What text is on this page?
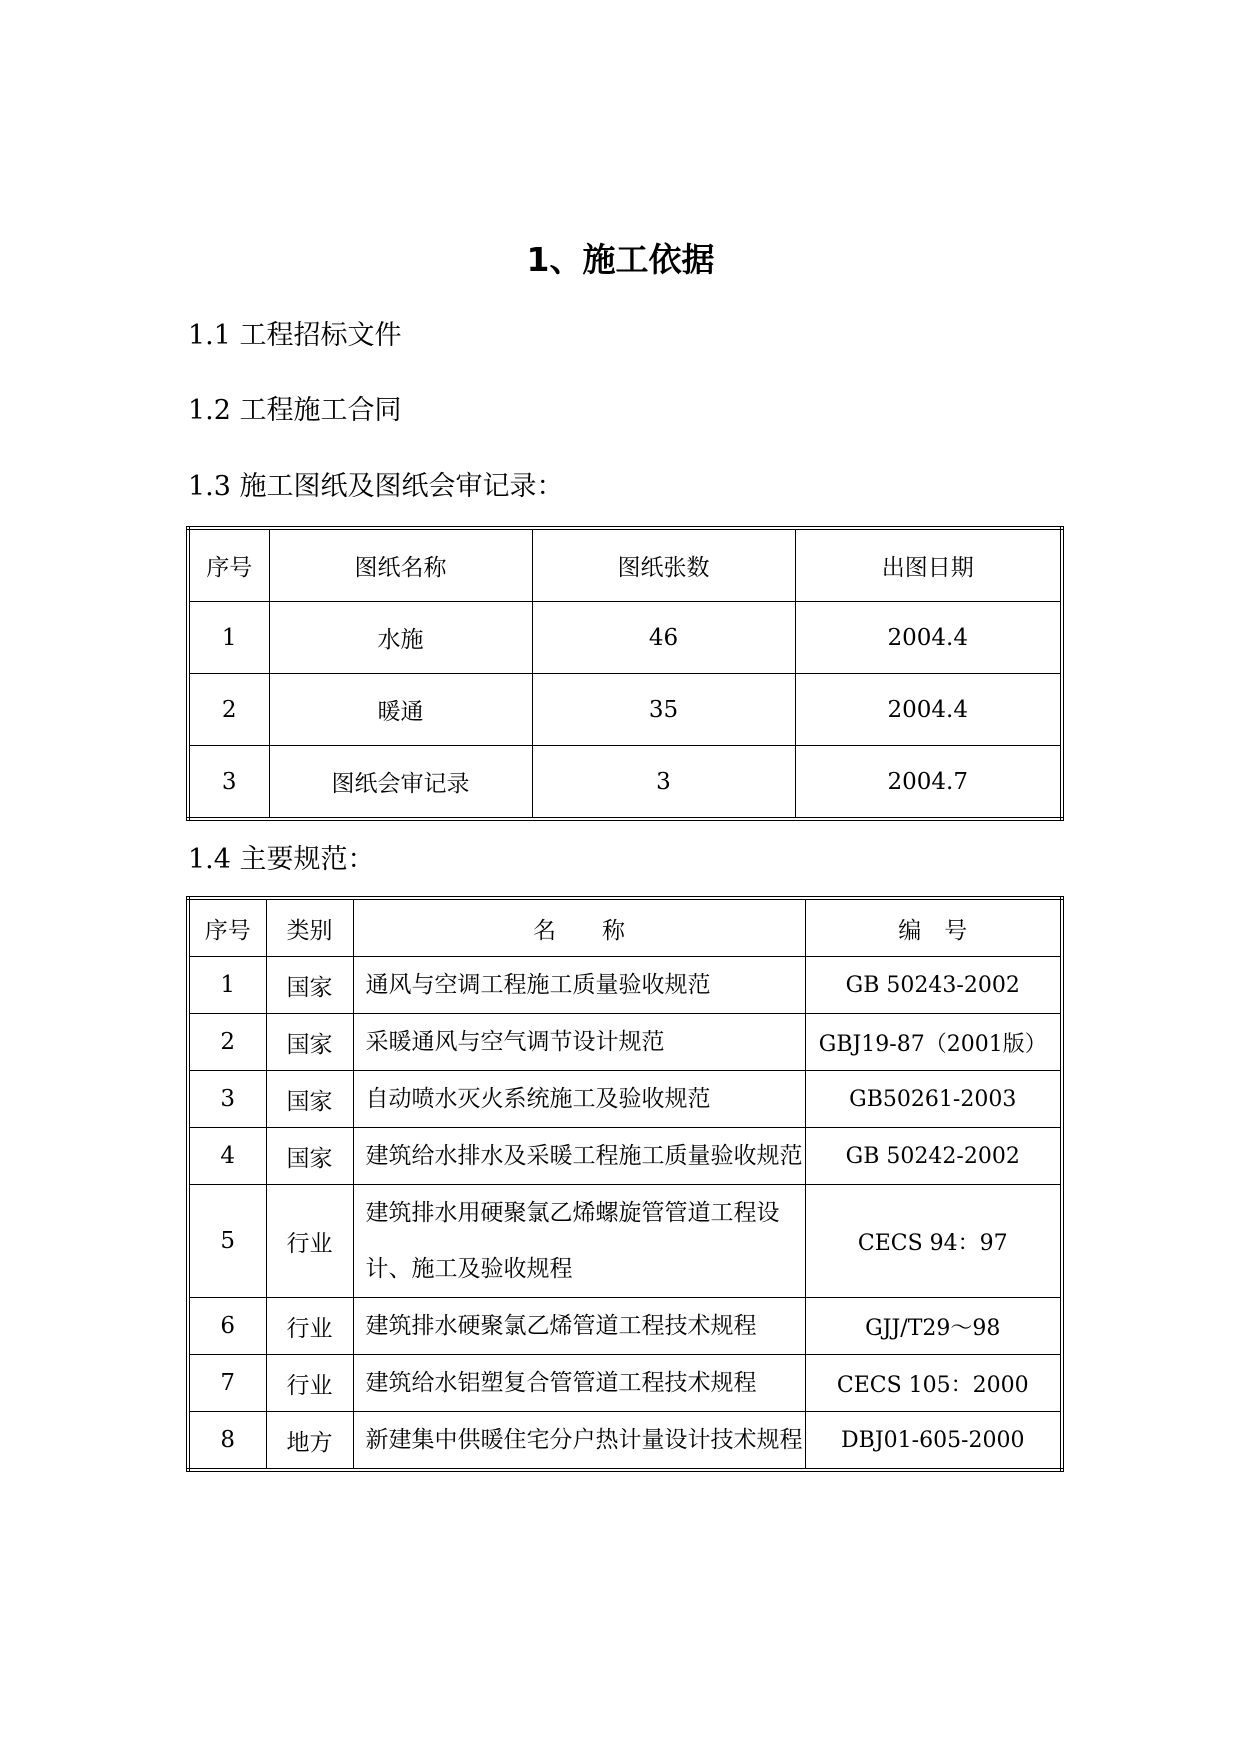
1、施工依据
1.1 工程招标文件
1.2 工程施工合同
1.3 施工图纸及图纸会审记录：
序号	图纸名称	图纸张数	出图日期
1	水施	46	2004.4
2	暖通	35	2004.4
3	图纸会审记录	3	2004.7
1.4 主要规范：
序号	类别	名　　称	编　号
1	国家	通风与空调工程施工质量验收规范	GB 50243-2002
2	国家	采暖通风与空气调节设计规范	GBJ19-87（2001版）
3	国家	自动喷水灭火系统施工及验收规范	GB50261-2003
4	国家	建筑给水排水及采暖工程施工质量验收规范	GB 50242-2002
5	行业	建筑排水用硬聚氯乙烯螺旋管管道工程设计、施工及验收规程	CECS 94：97
6	行业	建筑排水硬聚氯乙烯管道工程技术规程	GJJ/T29～98
7	行业	建筑给水铝塑复合管管道工程技术规程	CECS 105：2000
8	地方	新建集中供暖住宅分户热计量设计技术规程	DBJ01-605-2000
